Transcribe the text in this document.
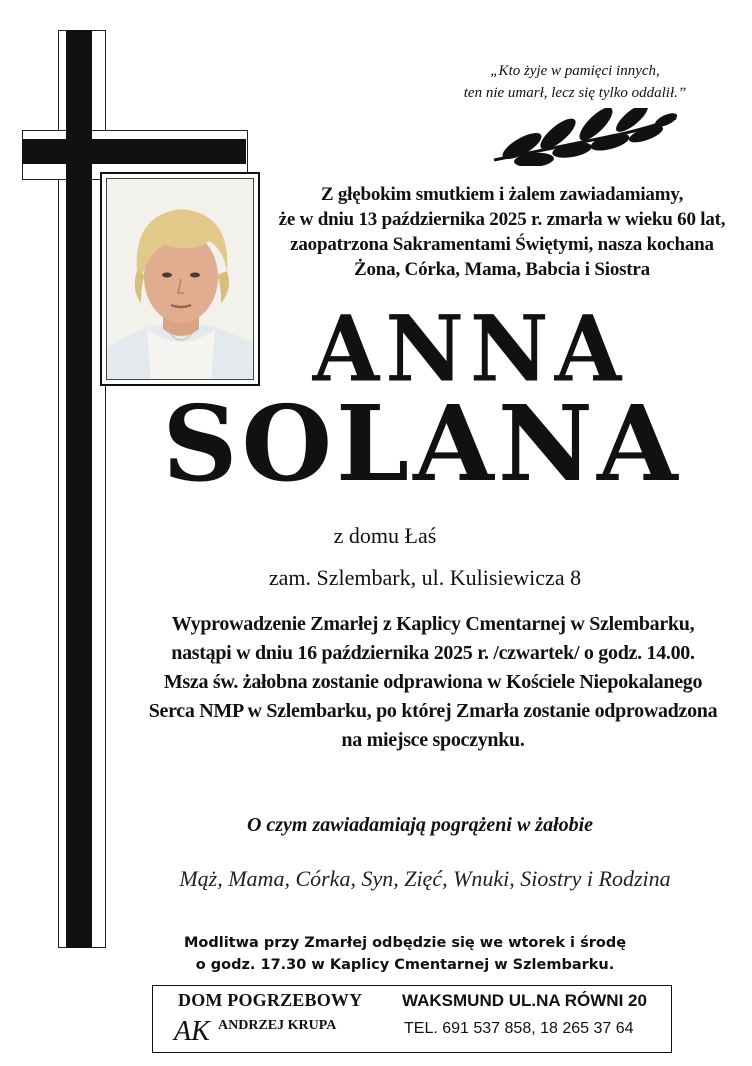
„Kto żyje w pamięci innych,
ten nie umarł, lecz się tylko oddalił.”
Z głębokim smutkiem i żalem zawiadamiamy,
że w dniu 13 października 2025 r. zmarła w wieku 60 lat,
zaopatrzona Sakramentami Świętymi, nasza kochana
Żona, Córka, Mama, Babcia i Siostra
ANNA
SOLANA
z domu Łaś
zam. Szlembark, ul. Kulisiewicza 8
Wyprowadzenie Zmarłej z Kaplicy Cmentarnej w Szlembarku,
nastąpi w dniu 16 października 2025 r. /czwartek/ o godz. 14.00.
Msza św. żałobna zostanie odprawiona w Kościele Niepokalanego
Serca NMP w Szlembarku, po której Zmarła zostanie odprowadzona
na miejsce spoczynku.
O czym zawiadamiają pogrążeni w żałobie
Mąż, Mama, Córka, Syn, Zięć, Wnuki, Siostry i Rodzina
Modlitwa przy Zmarłej odbędzie się we wtorek i środę
o godz. 17.30 w Kaplicy Cmentarnej w Szlembarku.
DOM POGRZEBOWY
AK ANDRZEJ KRUPA
WAKSMUND UL.NA RÓWNI 20
TEL. 691 537 858, 18 265 37 64
